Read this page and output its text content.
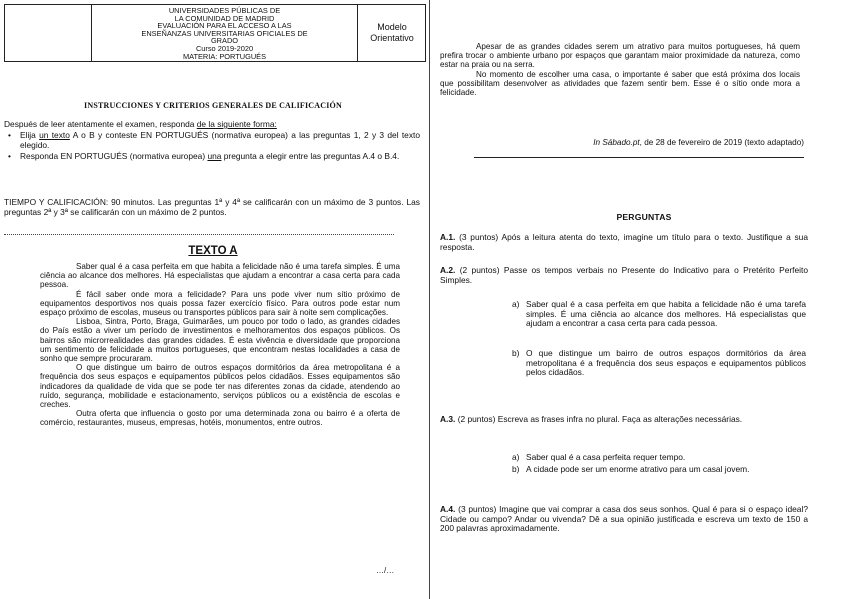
UNIVERSIDADES PÚBLICAS DE
LA COMUNIDAD DE MADRID
EVALUACIÓN PARA EL ACCESO A LAS
ENSEÑANZAS UNIVERSITARIAS OFICIALES DE
GRADO
Curso 2019-2020
MATERIA: PORTUGUÉS
Modelo
Orientativo
INSTRUCCIONES Y CRITERIOS GENERALES DE CALIFICACIÓN
Después de leer atentamente el examen, responda de la siguiente forma:
• Elija un texto A o B y conteste EN PORTUGUÉS (normativa europea) a las preguntas 1, 2 y 3 del texto elegido.
• Responda EN PORTUGUÉS (normativa europea) una pregunta a elegir entre las preguntas A.4 o B.4.
TIEMPO Y CALIFICACIÓN: 90 minutos. Las preguntas 1ª y 4ª se calificarán con un máximo de 3 puntos. Las preguntas 2ª y 3ª se calificarán con un máximo de 2 puntos.
TEXTO A

Saber qual é a casa perfeita em que habita a felicidade não é uma tarefa simples. É uma ciência ao alcance dos melhores. Há especialistas que ajudam a encontrar a casa certa para cada pessoa.

É fácil saber onde mora a felicidade? Para uns pode viver num sítio próximo de equipamentos desportivos nos quais possa fazer exercício físico. Para outros pode estar num espaço próximo de escolas, museus ou transportes públicos para sair à noite sem complicações.

Lisboa, Sintra, Porto, Braga, Guimarães, um pouco por todo o lado, as grandes cidades do País estão a viver um período de investimentos e melhoramentos dos espaços públicos. Os bairros são microrrealidades das grandes cidades. É esta vivência e diversidade que proporciona um sentimento de felicidade a muitos portugueses, que encontram nestas localidades a casa de sonho que sempre procuraram.

O que distingue um bairro de outros espaços dormitórios da área metropolitana é a frequência dos seus espaços e equipamentos públicos pelos cidadãos. Esses equipamentos são indicadores da qualidade de vida que se pode ter nas diferentes zonas da cidade, atendendo ao ruído, segurança, mobilidade e estacionamento, serviços públicos ou a existência de escolas e creches.

Outra oferta que influencia o gosto por uma determinada zona ou bairro é a oferta de comércio, restaurantes, museus, empresas, hotéis, monumentos, entre outros.

…/…

Apesar de as grandes cidades serem um atrativo para muitos portugueses, há quem prefira trocar o ambiente urbano por espaços que garantam maior proximidade da natureza, como estar na praia ou na serra.

No momento de escolher uma casa, o importante é saber que está próxima dos locais que possibilitam desenvolver as atividades que fazem sentir bem. Esse é o sítio onde mora a felicidade.

In Sábado.pt, de 28 de fevereiro de 2019 (texto adaptado)
PERGUNTAS
A.1. (3 puntos) Após a leitura atenta do texto, imagine um título para o texto. Justifique a sua resposta.
A.2. (2 puntos) Passe os tempos verbais no Presente do Indicativo para o Pretérito Perfeito Simples.
a) Saber qual é a casa perfeita em que habita a felicidade não é uma tarefa simples. É uma ciência ao alcance dos melhores. Há especialistas que ajudam a encontrar a casa certa para cada pessoa.
b) O que distingue um bairro de outros espaços dormitórios da área metropolitana é a frequência dos seus espaços e equipamentos públicos pelos cidadãos.
A.3. (2 puntos) Escreva as frases infra no plural. Faça as alterações necessárias.
a) Saber qual é a casa perfeita requer tempo.
b) A cidade pode ser um enorme atrativo para um casal jovem.
A.4. (3 puntos) Imagine que vai comprar a casa dos seus sonhos. Qual é para si o espaço ideal? Cidade ou campo? Andar ou vivenda? Dê a sua opinião justificada e escreva um texto de 150 a 200 palavras aproximadamente.
